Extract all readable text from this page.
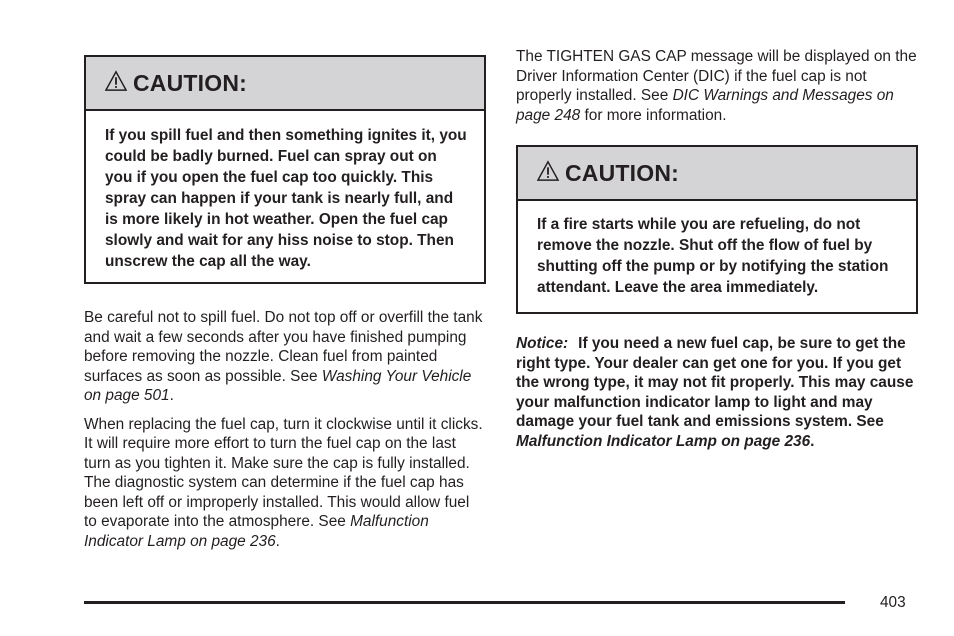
CAUTION:
If you spill fuel and then something ignites it, you could be badly burned. Fuel can spray out on you if you open the fuel cap too quickly. This spray can happen if your tank is nearly full, and is more likely in hot weather. Open the fuel cap slowly and wait for any hiss noise to stop. Then unscrew the cap all the way.

Be careful not to spill fuel. Do not top off or overfill the tank and wait a few seconds after you have finished pumping before removing the nozzle. Clean fuel from painted surfaces as soon as possible. See Washing Your Vehicle on page 501.

When replacing the fuel cap, turn it clockwise until it clicks. It will require more effort to turn the fuel cap on the last turn as you tighten it. Make sure the cap is fully installed. The diagnostic system can determine if the fuel cap has been left off or improperly installed. This would allow fuel to evaporate into the atmosphere. See Malfunction Indicator Lamp on page 236.

The TIGHTEN GAS CAP message will be displayed on the Driver Information Center (DIC) if the fuel cap is not properly installed. See DIC Warnings and Messages on page 248 for more information.

CAUTION:
If a fire starts while you are refueling, do not remove the nozzle. Shut off the flow of fuel by shutting off the pump or by notifying the station attendant. Leave the area immediately.
Notice: If you need a new fuel cap, be sure to get the right type. Your dealer can get one for you. If you get the wrong type, it may not fit properly. This may cause your malfunction indicator lamp to light and may damage your fuel tank and emissions system. See Malfunction Indicator Lamp on page 236.
403
